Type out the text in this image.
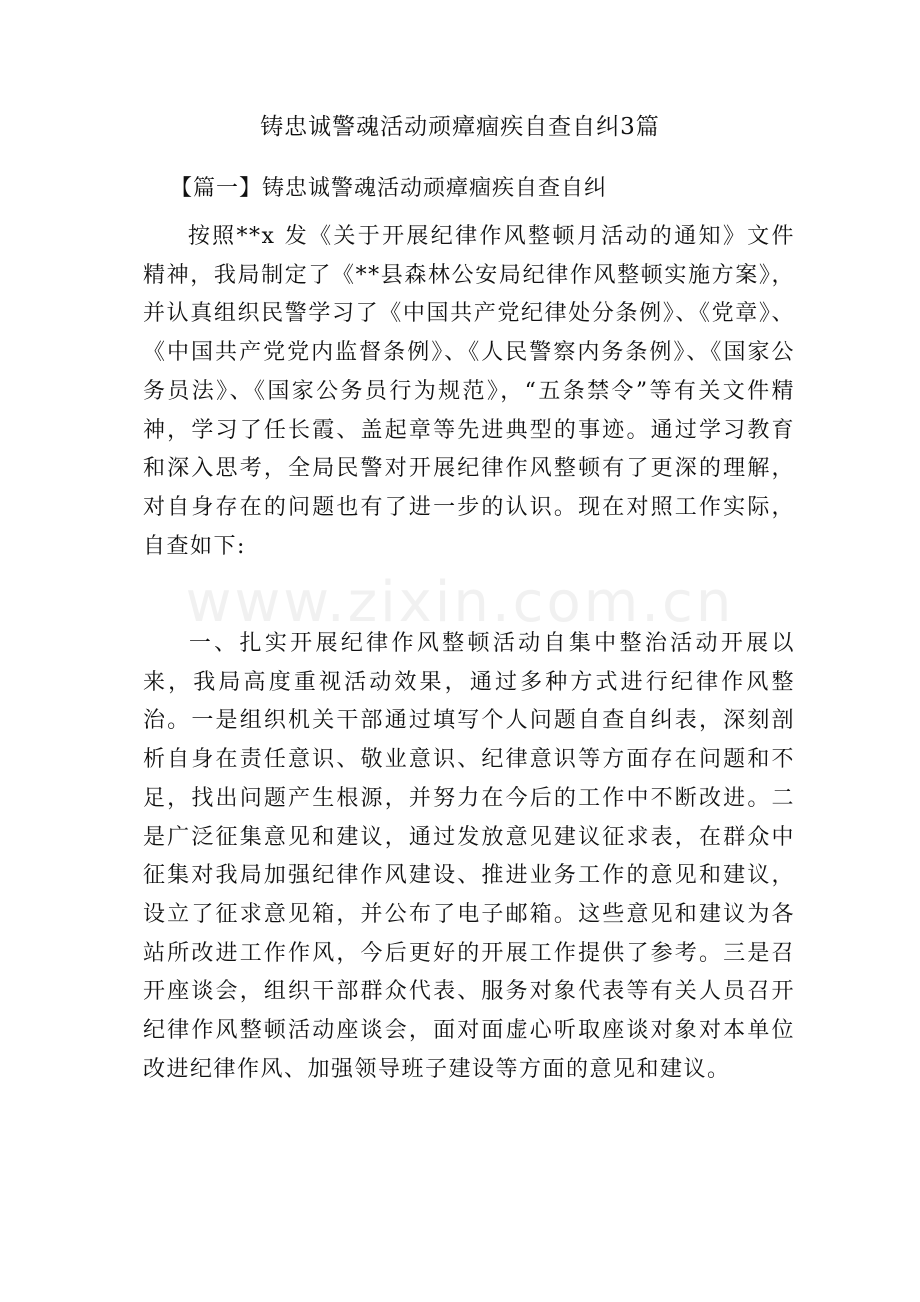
www.zixin.com.cn
铸忠诚警魂活动顽瘴痼疾自查自纠3篇
【篇一】铸忠诚警魂活动顽瘴痼疾自查自纠

按照**x 发《关于开展纪律作风整顿月活动的通知》文件精神，我局制定了《**县森林公安局纪律作风整顿实施方案》，并认真组织民警学习了《中国共产党纪律处分条例》、《党章》、《中国共产党党内监督条例》、《人民警察内务条例》、《国家公务员法》、《国家公务员行为规范》，“五条禁令”等有关文件精神，学习了任长霞、盖起章等先进典型的事迹。通过学习教育和深入思考，全局民警对开展纪律作风整顿有了更深的理解，对自身存在的问题也有了进一步的认识。现在对照工作实际，自查如下:

一、扎实开展纪律作风整顿活动自集中整治活动开展以来，我局高度重视活动效果，通过多种方式进行纪律作风整治。一是组织机关干部通过填写个人问题自查自纠表，深刻剖析自身在责任意识、敬业意识、纪律意识等方面存在问题和不足，找出问题产生根源，并努力在今后的工作中不断改进。二是广泛征集意见和建议，通过发放意见建议征求表，在群众中征集对我局加强纪律作风建设、推进业务工作的意见和建议，设立了征求意见箱，并公布了电子邮箱。这些意见和建议为各站所改进工作作风，今后更好的开展工作提供了参考。三是召开座谈会，组织干部群众代表、服务对象代表等有关人员召开纪律作风整顿活动座谈会，面对面虚心听取座谈对象对本单位改进纪律作风、加强领导班子建设等方面的意见和建议。
